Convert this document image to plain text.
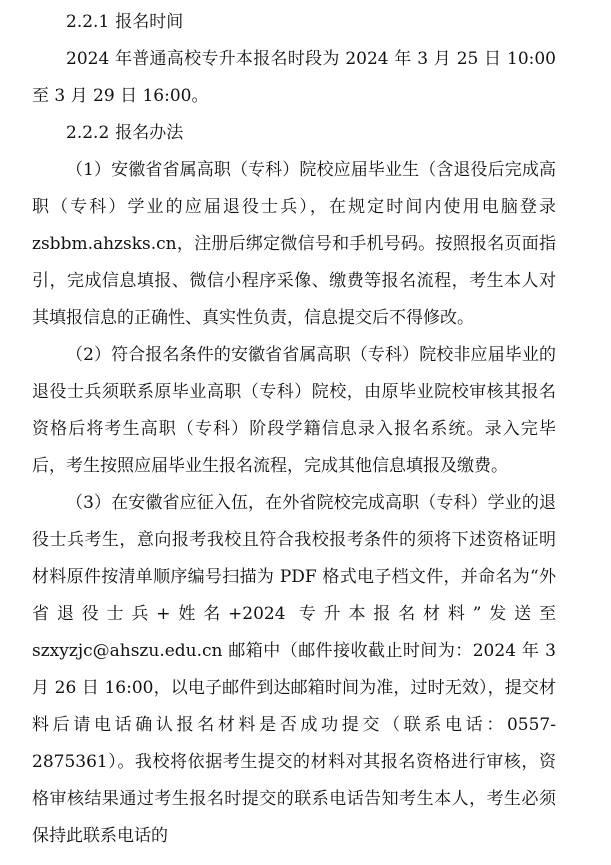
2.2.1 报名时间

2024 年普通高校专升本报名时段为 2024 年 3 月 25 日 10:00 至 3 月 29 日 16:00。

2.2.2 报名办法

（1）安徽省省属高职（专科）院校应届毕业生（含退役后完成高职（专科）学业的应届退役士兵），在规定时间内使用电脑登录 zsbbm.ahzsks.cn，注册后绑定微信号和手机号码。按照报名页面指引，完成信息填报、微信小程序采像、缴费等报名流程，考生本人对其填报信息的正确性、真实性负责，信息提交后不得修改。

（2）符合报名条件的安徽省省属高职（专科）院校非应届毕业的退役士兵须联系原毕业高职（专科）院校，由原毕业院校审核其报名资格后将考生高职（专科）阶段学籍信息录入报名系统。录入完毕后，考生按照应届毕业生报名流程，完成其他信息填报及缴费。

（3）在安徽省应征入伍，在外省院校完成高职（专科）学业的退役士兵考生，意向报考我校且符合我校报考条件的须将下述资格证明材料原件按清单顺序编号扫描为 PDF 格式电子档文件，并命名为“外省退役士兵+姓名+2024 专升本报名材料”发送至szxyzjc@ahszu.edu.cn 邮箱中（邮件接收截止时间为：2024 年 3 月 26 日 16:00，以电子邮件到达邮箱时间为准，过时无效），提交材料后请电话确认报名材料是否成功提交（联系电话：0557-2875361）。我校将依据考生提交的材料对其报名资格进行审核，资格审核结果通过考生报名时提交的联系电话告知考生本人，考生必须保持此联系电话的
